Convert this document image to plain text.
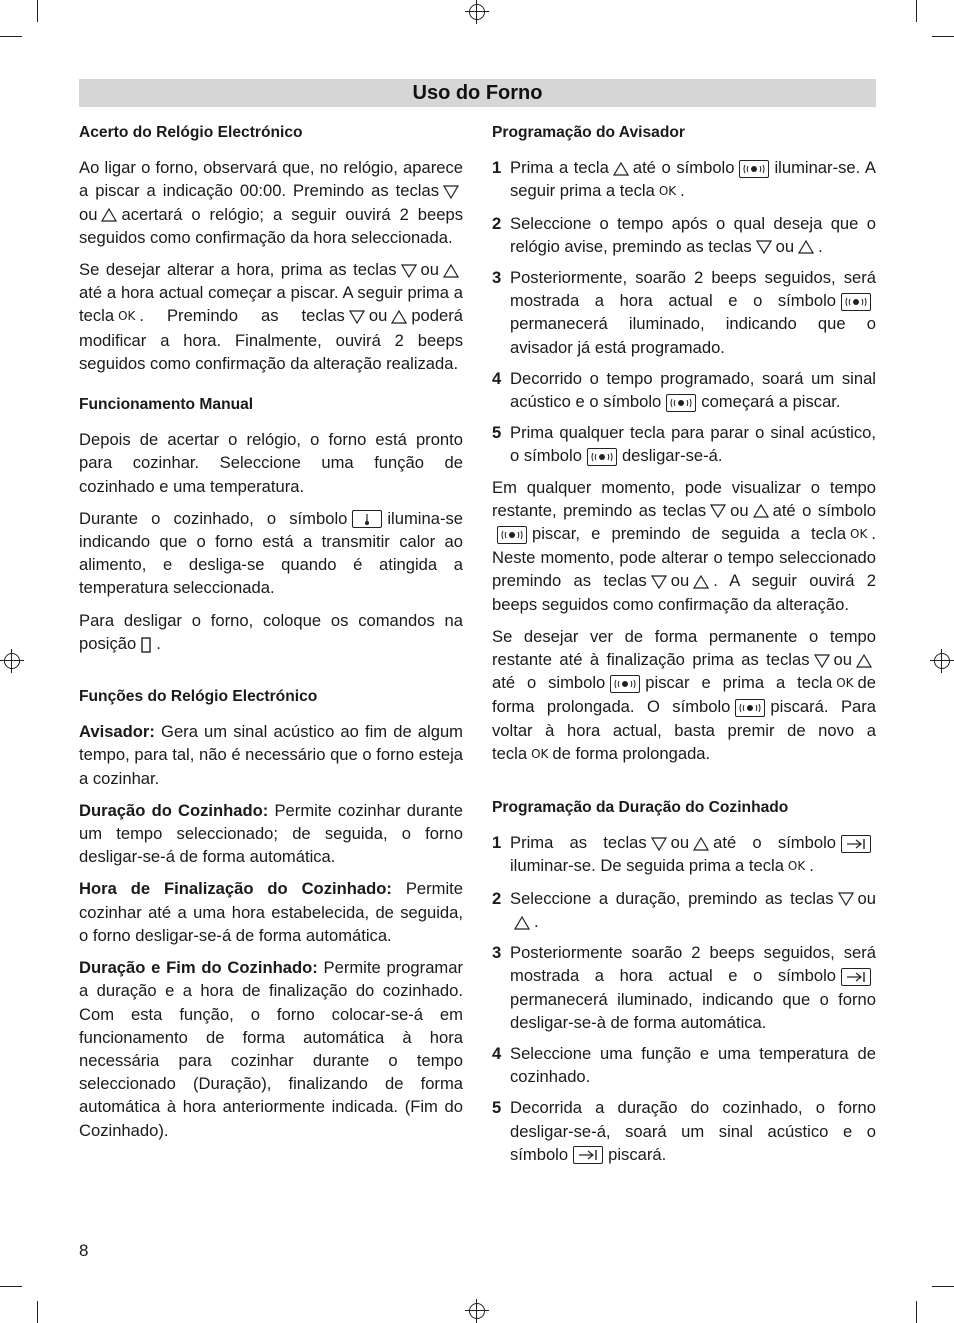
Uso do Forno
Acerto do Relógio Electrónico

Ao ligar o forno, observará que, no relógio, aparece a piscar a indicação 00:00. Premindo as teclas
ou acertará o relógio; a seguir ouvirá 2 beeps seguidos como confirmação da hora seleccionada.

Se desejar alterar a hora, prima as teclas ou
até a hora actual começar a piscar. A seguir prima a tecla OK . Premindo as teclas ou poderá modificar a hora. Finalmente, ouvirá 2 beeps seguidos como confirmação da alteração realizada.

Funcionamento Manual

Depois de acertar o relógio, o forno está pronto para cozinhar. Seleccione uma função de cozinhado e uma temperatura.

Durante o cozinhado, o símbolo ilumina-se indicando que o forno está a transmitir calor ao alimento, e desliga-se quando é atingida a temperatura seleccionada.

Para desligar o forno, coloque os comandos na posição .

Funções do Relógio Electrónico

Avisador: Gera um sinal acústico ao fim de algum tempo, para tal, não é necessário que o forno esteja a cozinhar.

Duração do Cozinhado: Permite cozinhar durante um tempo seleccionado; de seguida, o forno desligar-se-á de forma automática.

Hora de Finalização do Cozinhado: Permite cozinhar até a uma hora estabelecida, de seguida, o forno desligar-se-á de forma automática.

Duração e Fim do Cozinhado: Permite programar a duração e a hora de finalização do cozinhado. Com esta função, o forno colocar-se-á em funcionamento de forma automática à hora necessária para cozinhar durante o tempo seleccionado (Duração), finalizando de forma automática à hora anteriormente indicada. (Fim do Cozinhado).

Programação do Avisador
1 Prima a tecla até o símbolo iluminar-se. A seguir prima a tecla OK .
2 Seleccione o tempo após o qual deseja que o relógio avise, premindo as teclas ou .
3 Posteriormente, soarão 2 beeps seguidos, será mostrada a hora actual e o símbolo
permanecerá iluminado, indicando que o avisador já está programado.
4 Decorrido o tempo programado, soará um sinal acústico e o símbolo começará a piscar.
5 Prima qualquer tecla para parar o sinal acústico, o símbolo desligar-se-á.

Em qualquer momento, pode visualizar o tempo restante, premindo as teclas ou até o símbolo
piscar, e premindo de seguida a tecla OK . Neste momento, pode alterar o tempo seleccionado premindo as teclas ou . A seguir ouvirá 2 beeps seguidos como confirmação da alteração.

Se desejar ver de forma permanente o tempo restante até à finalização prima as teclas ou
até o simbolo piscar e prima a tecla OK de forma prolongada. O símbolo piscará. Para voltar à hora actual, basta premir de novo a tecla OK de forma prolongada.

Programação da Duração do Cozinhado
1 Prima as teclas ou até o símbolo
iluminar-se. De seguida prima a tecla OK .
2 Seleccione a duração, premindo as teclas ou
.
3 Posteriormente soarão 2 beeps seguidos, será mostrada a hora actual e o símbolo
permanecerá iluminado, indicando que o forno desligar-se-à de forma automática.
4 Seleccione uma função e uma temperatura de cozinhado.
5 Decorrida a duração do cozinhado, o forno desligar-se-á, soará um sinal acústico e o símbolo piscará.
8
